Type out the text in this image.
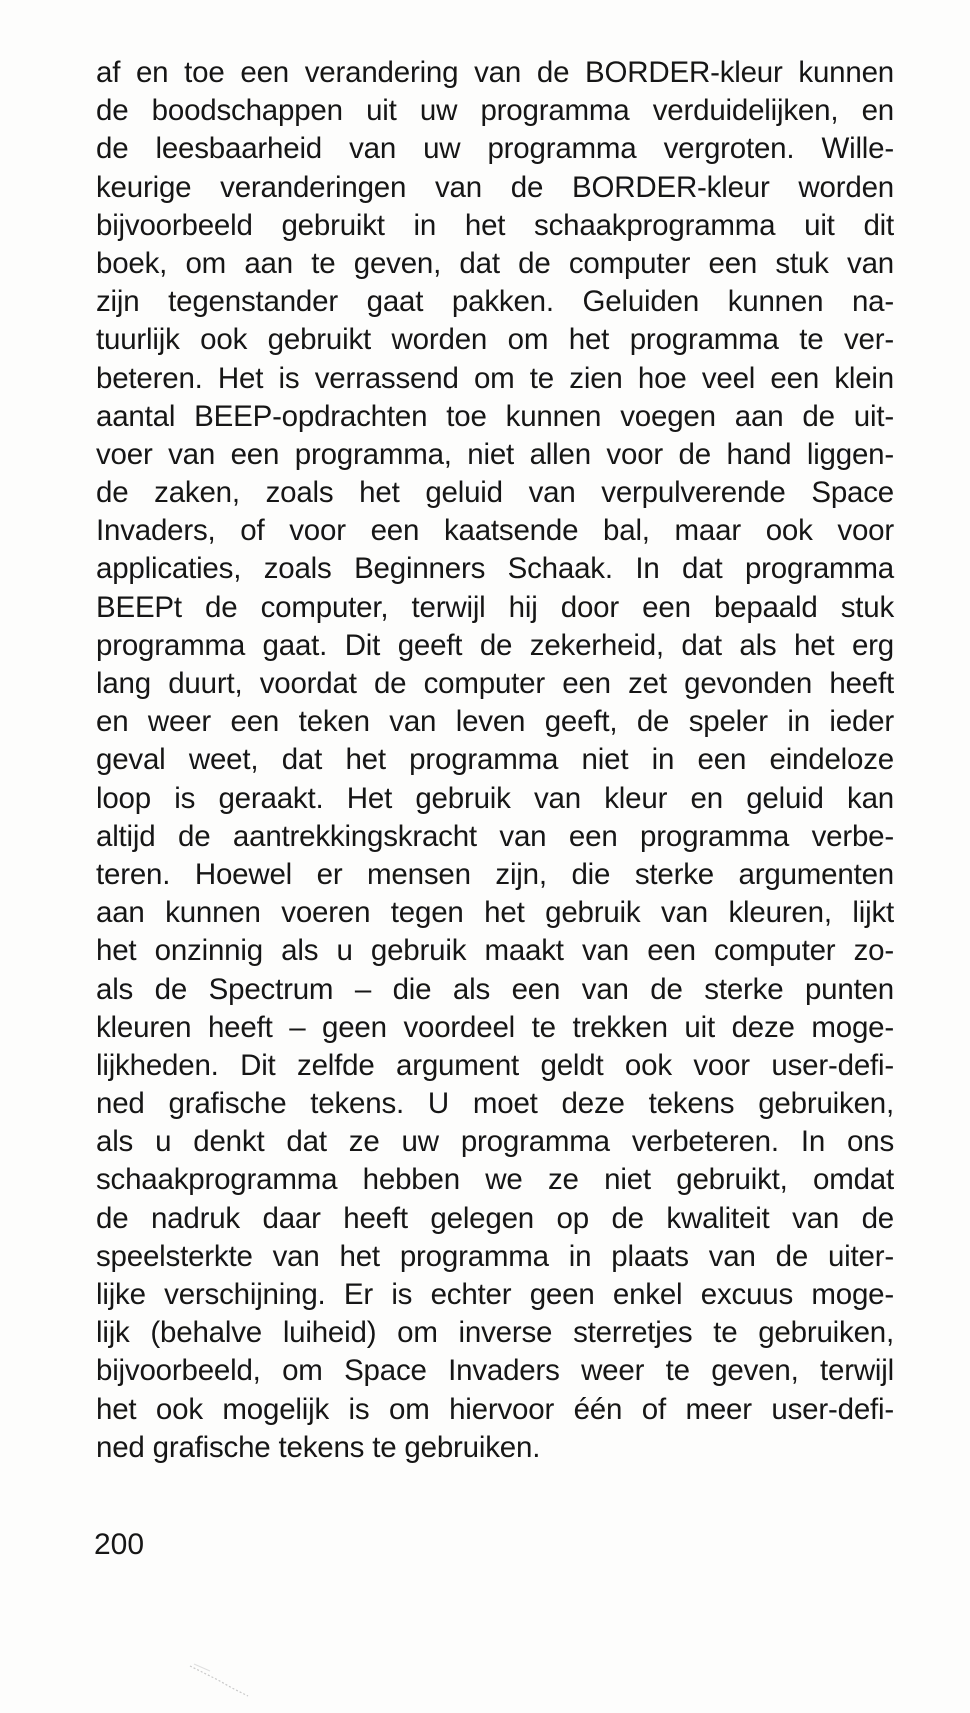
af en toe een verandering van de BORDER-kleur kunnen
de boodschappen uit uw programma verduidelijken, en
de leesbaarheid van uw programma vergroten. Wille-
keurige veranderingen van de BORDER-kleur worden
bijvoorbeeld gebruikt in het schaakprogramma uit dit
boek, om aan te geven, dat de computer een stuk van
zijn tegenstander gaat pakken. Geluiden kunnen na-
tuurlijk ook gebruikt worden om het programma te ver-
beteren. Het is verrassend om te zien hoe veel een klein
aantal BEEP-opdrachten toe kunnen voegen aan de uit-
voer van een programma, niet allen voor de hand liggen-
de zaken, zoals het geluid van verpulverende Space
Invaders, of voor een kaatsende bal, maar ook voor
applicaties, zoals Beginners Schaak. In dat programma
BEEPt de computer, terwijl hij door een bepaald stuk
programma gaat. Dit geeft de zekerheid, dat als het erg
lang duurt, voordat de computer een zet gevonden heeft
en weer een teken van leven geeft, de speler in ieder
geval weet, dat het programma niet in een eindeloze
loop is geraakt. Het gebruik van kleur en geluid kan
altijd de aantrekkingskracht van een programma verbe-
teren. Hoewel er mensen zijn, die sterke argumenten
aan kunnen voeren tegen het gebruik van kleuren, lijkt
het onzinnig als u gebruik maakt van een computer zo-
als de Spectrum – die als een van de sterke punten
kleuren heeft – geen voordeel te trekken uit deze moge-
lijkheden. Dit zelfde argument geldt ook voor user-defi-
ned grafische tekens. U moet deze tekens gebruiken,
als u denkt dat ze uw programma verbeteren. In ons
schaakprogramma hebben we ze niet gebruikt, omdat
de nadruk daar heeft gelegen op de kwaliteit van de
speelsterkte van het programma in plaats van de uiter-
lijke verschijning. Er is echter geen enkel excuus moge-
lijk (behalve luiheid) om inverse sterretjes te gebruiken,
bijvoorbeeld, om Space Invaders weer te geven, terwijl
het ook mogelijk is om hiervoor één of meer user-defi-
ned grafische tekens te gebruiken.
200
